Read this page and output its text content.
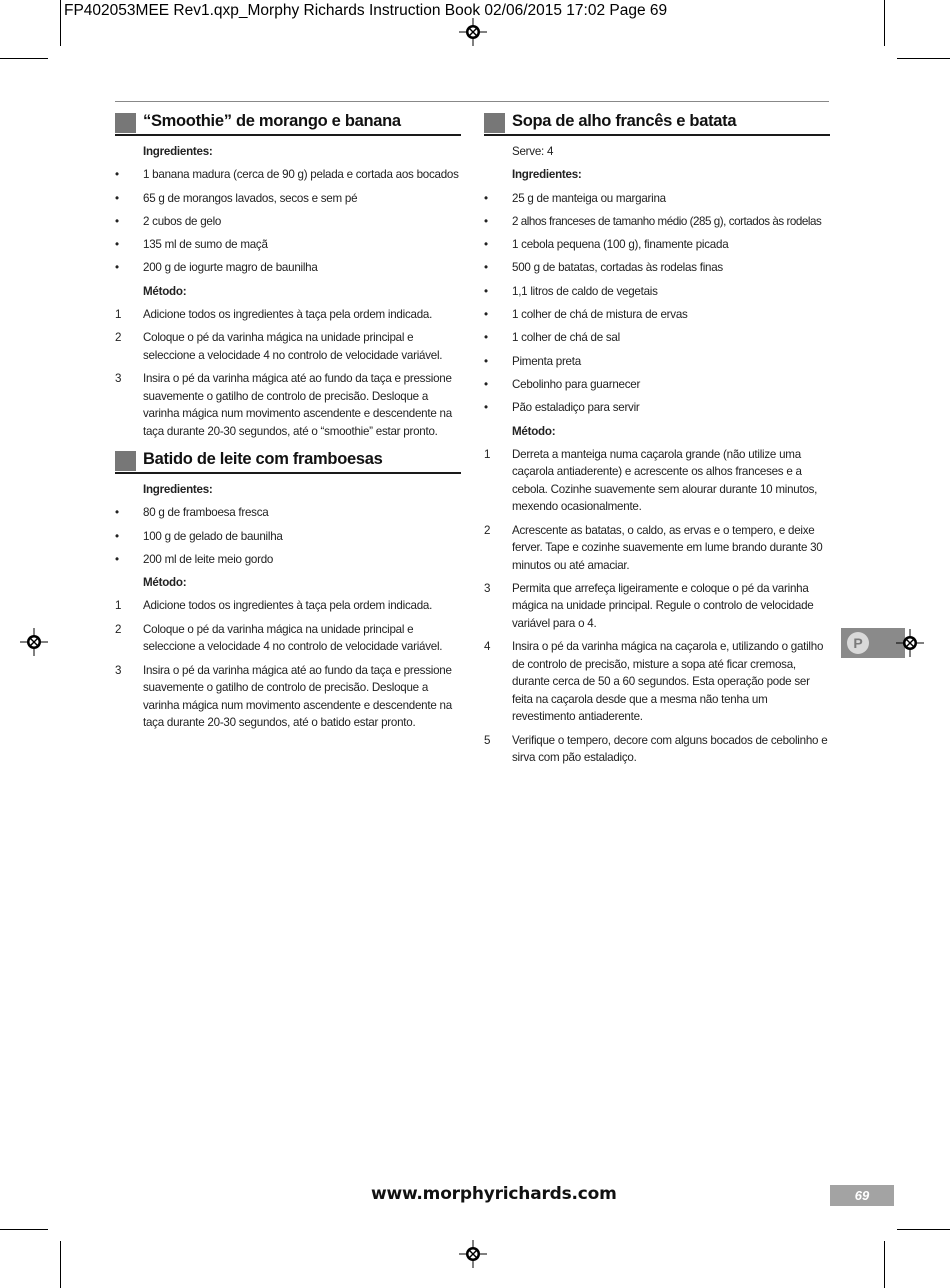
FP402053MEE Rev1.qxp_Morphy Richards Instruction Book 02/06/2015 17:02 Page 69
“Smoothie” de morango e banana
Ingredientes:
•	1 banana madura (cerca de 90 g) pelada e cortada aos bocados
•	65 g de morangos lavados, secos e sem pé
•	2 cubos de gelo
•	135 ml de sumo de maçã
•	200 g de iogurte magro de baunilha
Método:
1	Adicione todos os ingredientes à taça pela ordem indicada.
2	Coloque o pé da varinha mágica na unidade principal e seleccione a velocidade 4 no controlo de velocidade variável.
3	Insira o pé da varinha mágica até ao fundo da taça e pressione suavemente o gatilho de controlo de precisão. Desloque a varinha mágica num movimento ascendente e descendente na taça durante 20-30 segundos, até o “smoothie” estar pronto.
Batido de leite com framboesas
Ingredientes:
•	80 g de framboesa fresca
•	100 g de gelado de baunilha
•	200 ml de leite meio gordo
Método:
1	Adicione todos os ingredientes à taça pela ordem indicada.
2	Coloque o pé da varinha mágica na unidade principal e seleccione a velocidade 4 no controlo de velocidade variável.
3	Insira o pé da varinha mágica até ao fundo da taça e pressione suavemente o gatilho de controlo de precisão. Desloque a varinha mágica num movimento ascendente e descendente na taça durante 20-30 segundos, até o batido estar pronto.
Sopa de alho francês e batata
Serve: 4
Ingredientes:
•	25 g de manteiga ou margarina
•	2 alhos franceses de tamanho médio (285 g), cortados às rodelas
•	1 cebola pequena (100 g), finamente picada
•	500 g de batatas, cortadas às rodelas finas
•	1,1 litros de caldo de vegetais
•	1 colher de chá de mistura de ervas
•	1 colher de chá de sal
•	Pimenta preta
•	Cebolinho para guarnecer
•	Pão estaladiço para servir
Método:
1	Derreta a manteiga numa caçarola grande (não utilize uma caçarola antiaderente) e acrescente os alhos franceses e a cebola. Cozinhe suavemente sem alourar durante 10 minutos, mexendo ocasionalmente.
2	Acrescente as batatas, o caldo, as ervas e o tempero, e deixe ferver. Tape e cozinhe suavemente em lume brando durante 30 minutos ou até amaciar.
3	Permita que arrefeça ligeiramente e coloque o pé da varinha mágica na unidade principal. Regule o controlo de velocidade variável para o 4.
4	Insira o pé da varinha mágica na caçarola e, utilizando o gatilho de controlo de precisão, misture a sopa até ficar cremosa, durante cerca de 50 a 60 segundos. Esta operação pode ser feita na caçarola desde que a mesma não tenha um revestimento antiaderente.
5	Verifique o tempero, decore com alguns bocados de cebolinho e sirva com pão estaladiço.
P
www.morphyrichards.com	69
